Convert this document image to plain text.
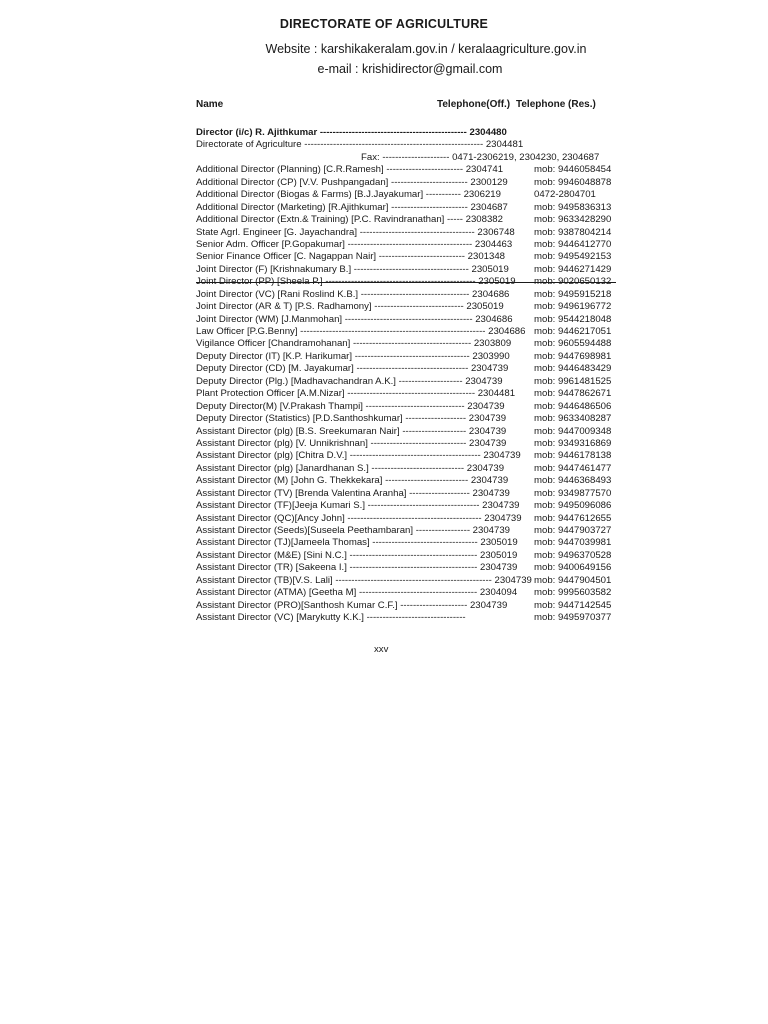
DIRECTORATE OF AGRICULTURE
Website : karshikakeralam.gov.in / keralaagriculture.gov.in
e-mail : krishidirector@gmail.com
Name	Telephone(Off.) Telephone (Res.)
Director (i/c) R. Ajithkumar ---------------------------------------------- 2304480
Directorate of Agriculture -------------------------------------------------------- 2304481
Fax: --------------------- 0471-2306219, 2304230, 2304687
Additional Director (Planning) [C.R.Ramesh] ------------------------ 2304741	mob: 9446058454
Additional Director (CP) [V.V. Pushpangadan] ------------------------ 2300129	mob: 9946048878
Additional Director (Biogas & Farms) [B.J.Jayakumar] ----------- 2306219	0472-2804701
Additional Director (Marketing) [R.Ajithkumar] ------------------------ 2304687	mob: 9495836313
Additional Director (Extn.& Training) [P.C. Ravindranathan] ----- 2308382	mob: 9633428290
State Agrl. Engineer [G. Jayachandra] ------------------------------------ 2306748 mob: 9387804214
Senior Adm. Officer [P.Gopakumar] --------------------------------------- 2304463 mob: 9446412770
Senior Finance Officer [C. Nagappan Nair] --------------------------- 2301348	mob: 9495492153
Joint Director (F) [Krishnakumary B.] ------------------------------------ 2305019	mob: 9446271429
Joint Director (PP) [Sheela P.] ----------------------------------------------- 2305019 mob: 9020650132
Joint Director (VC) [Rani Roslind K.B.] ---------------------------------- 2304686	mob: 9495915218
Joint Director (AR & T) [P.S. Radhamony] ---------------------------- 2305019	mob: 9496196772
Joint Director (WM) [J.Manmohan] ---------------------------------------- 2304686 mob: 9544218048
Law Officer [P.G.Benny] ---------------------------------------------------------- 2304686 mob: 9446217051
Vigilance Officer [Chandramohanan] ------------------------------------- 2303809 mob: 9605594488
Deputy Director (IT) [K.P. Harikumar] ------------------------------------ 2303990	mob: 9447698981
Deputy Director (CD) [M. Jayakumar] ----------------------------------- 2304739	mob: 9446483429
Deputy Director (Plg.) [Madhavachandran A.K.] -------------------- 2304739	mob: 9961481525
Plant Protection Officer [A.M.Nizar] ---------------------------------------- 2304481 mob: 9447862671
Deputy Director(M) [V.Prakash Thampi] ------------------------------- 2304739	mob: 9446486506
Deputy Director (Statistics) [P.D.Santhoshkumar] ------------------- 2304739	mob: 9633408287
Assistant Director (plg) [B.S. Sreekumaran Nair] -------------------- 2304739	mob: 9447009348
Assistant Director (plg) [V. Unnikrishnan] ------------------------------ 2304739	mob: 9349316869
Assistant Director (plg) [Chitra D.V.] ----------------------------------------- 2304739 mob: 9446178138
Assistant Director (plg) [Janardhanan S.] ----------------------------- 2304739	mob: 9447461477
Assistant Director (M) [John G. Thekkekara] -------------------------- 2304739	mob: 9446368493
Assistant Director (TV) [Brenda Valentina Aranha] ------------------- 2304739	mob: 9349877570
Assistant Director (TF)[Jeeja Kumari S.] ----------------------------------- 2304739 mob: 9495096086
Assistant Director (QC)[Ancy John] ------------------------------------------ 2304739 mob: 9447612655
Assistant Director (Seeds)[Suseela Peethambaran] ----------------- 2304739 mob: 9447903727
Assistant Director (TJ)[Jameela Thomas] --------------------------------- 2305019 mob: 9447039981
Assistant Director (M&E) [Sini N.C.] ---------------------------------------- 2305019 mob: 9496370528
Assistant Director (TR) [Sakeena I.] ---------------------------------------- 2304739 mob: 9400649156
Assistant Director (TB)[V.S. Lali] ------------------------------------------------- 2304739 mob: 9447904501
Assistant Director (ATMA) [Geetha M] ------------------------------------- 2304094 mob: 9995603582
Assistant Director (PRO)[Santhosh Kumar C.F.] --------------------- 2304739	mob: 9447142545
Assistant Director (VC) [Marykutty K.K.] -------------------------------	mob: 9495970377
xxv
